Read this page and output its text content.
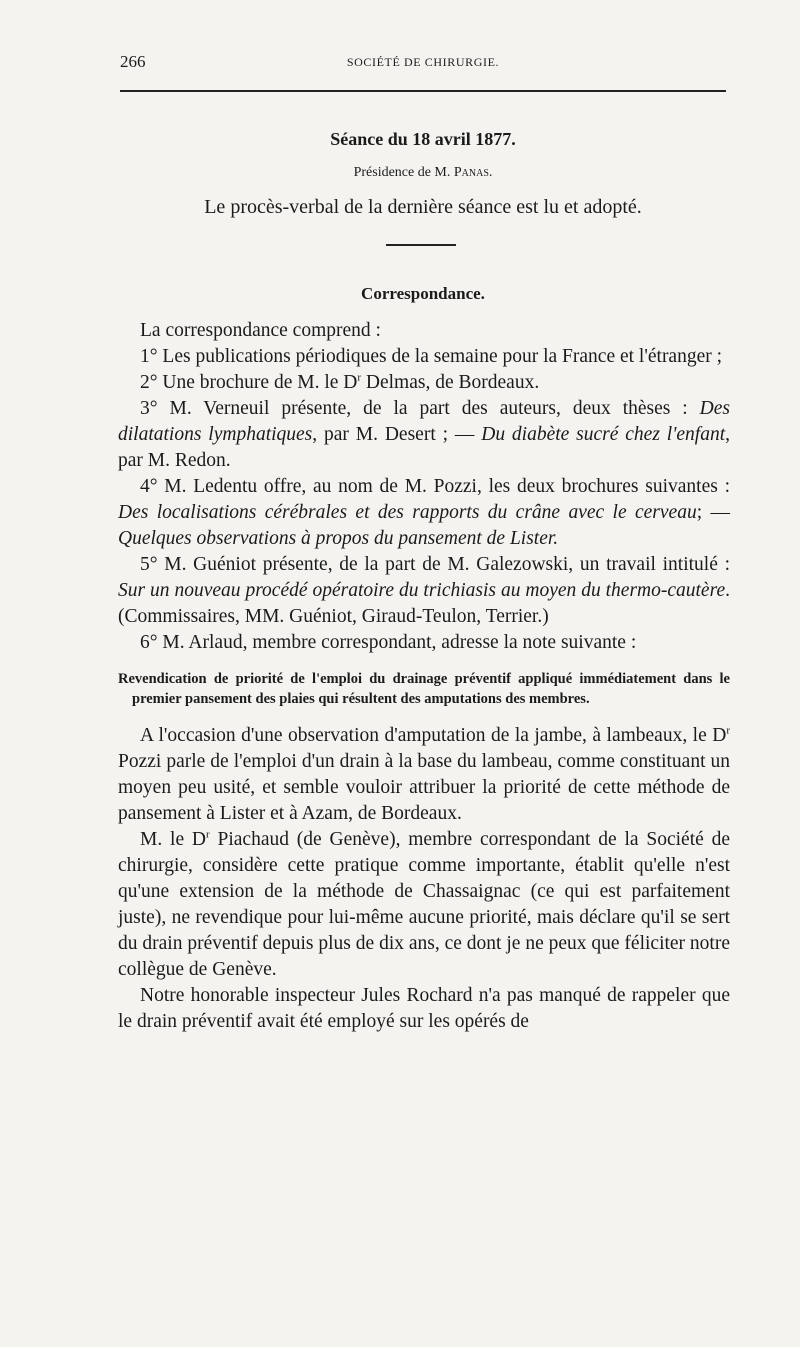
266	SOCIÉTÉ DE CHIRURGIE.
Séance du 18 avril 1877.
Présidence de M. Panas.
Le procès-verbal de la dernière séance est lu et adopté.
Correspondance.

La correspondance comprend :

1° Les publications périodiques de la semaine pour la France et l'étranger ;

2° Une brochure de M. le $D^r$ Delmas, de Bordeaux.

3° M. Verneuil présente, de la part des auteurs, deux thèses : Des dilatations lymphatiques, par M. Desert ; — Du diabète sucré chez l'enfant, par M. Redon.

4° M. Ledentu offre, au nom de M. Pozzi, les deux brochures suivantes : Des localisations cérébrales et des rapports du crâne avec le cerveau; — Quelques observations à propos du pansement de Lister.

5° M. Guéniot présente, de la part de M. Galezowski, un travail intitulé : Sur un nouveau procédé opératoire du trichiasis au moyen du thermo-cautère. (Commissaires, MM. Guéniot, Giraud-Teulon, Terrier.)

6° M. Arlaud, membre correspondant, adresse la note suivante :

Revendication de priorité de l'emploi du drainage préventif appliqué immédiatement dans le premier pansement des plaies qui résultent des amputations des membres.

A l'occasion d'une observation d'amputation de la jambe, à lambeaux, le $D^r$ Pozzi parle de l'emploi d'un drain à la base du lambeau, comme constituant un moyen peu usité, et semble vouloir attribuer la priorité de cette méthode de pansement à Lister et à Azam, de Bordeaux.

M. le $D^r$ Piachaud (de Genève), membre correspondant de la Société de chirurgie, considère cette pratique comme importante, établit qu'elle n'est qu'une extension de la méthode de Chassaignac (ce qui est parfaitement juste), ne revendique pour lui-même aucune priorité, mais déclare qu'il se sert du drain préventif depuis plus de dix ans, ce dont je ne peux que féliciter notre collègue de Genève.

Notre honorable inspecteur Jules Rochard n'a pas manqué de rappeler que le drain préventif avait été employé sur les opérés de
